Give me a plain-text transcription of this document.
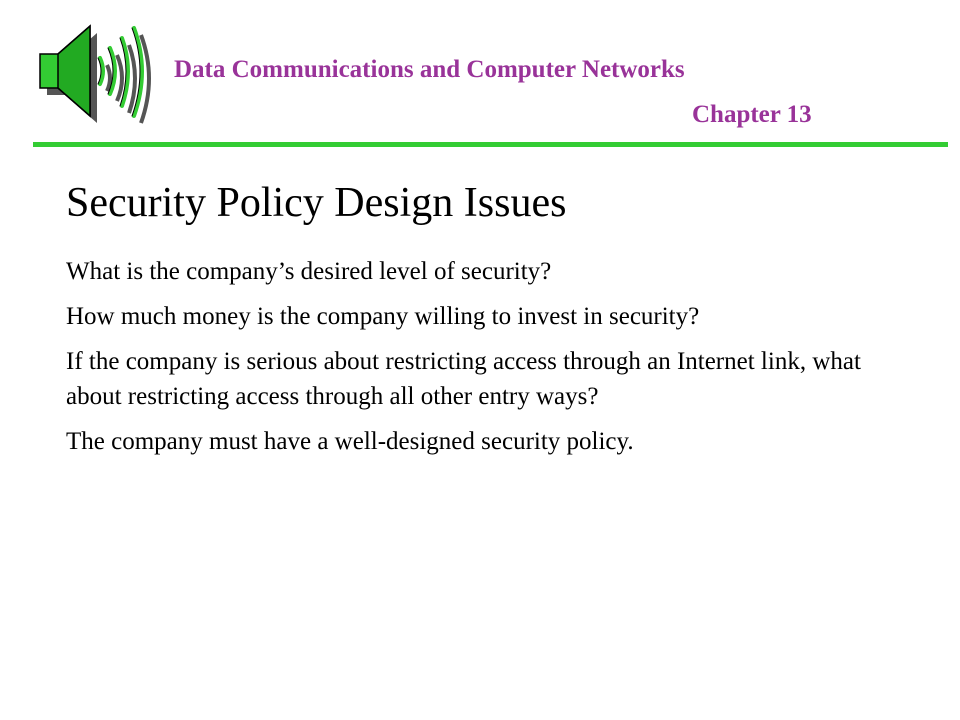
Data Communications and Computer Networks
Chapter 13
Security Policy Design Issues
What is the company’s desired level of security?
How much money is the company willing to invest in security?
If the company is serious about restricting access through an Internet link, what about restricting access through all other entry ways?
The company must have a well-designed security policy.
